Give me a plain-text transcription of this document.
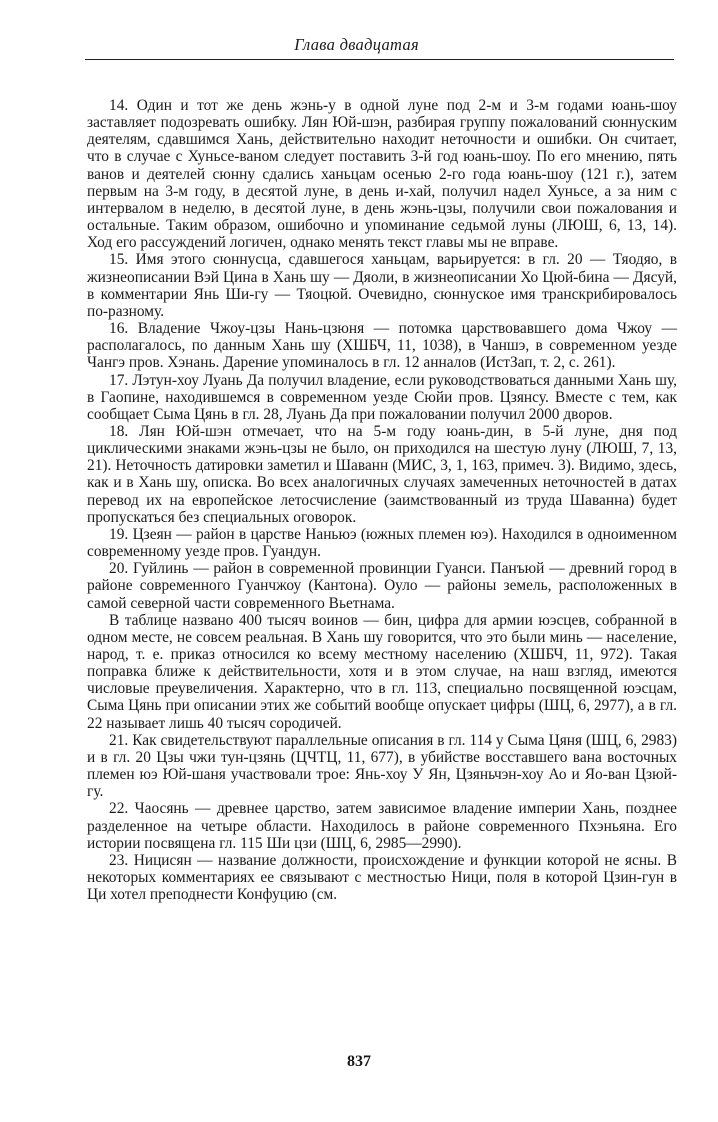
Глава двадцатая

14. Один и тот же день жэнь-у в одной луне под 2-м и 3-м годами юань-шоу заставляет подозревать ошибку. Лян Юй-шэн, разбирая группу пожалований сюннуским деятелям, сдавшимся Хань, действительно находит неточности и ошибки. Он считает, что в случае с Хуньсе-ваном следует поставить 3-й год юань-шоу. По его мнению, пять ванов и деятелей сюнну сдались ханьцам осенью 2-го года юань-шоу (121 г.), затем первым на 3-м году, в десятой луне, в день и-хай, получил надел Хуньсе, а за ним с интервалом в неделю, в десятой луне, в день жэнь-цзы, получили свои пожалования и остальные. Таким образом, ошибочно и упоминание седьмой луны (ЛЮШ, 6, 13, 14). Ход его рассуждений логичен, однако менять текст главы мы не вправе.

15. Имя этого сюннусца, сдавшегося ханьцам, варьируется: в гл. 20 — Тяодяо, в жизнеописании Вэй Цина в Хань шу — Дяоли, в жизнеописании Хо Цюй-бина — Дясуй, в комментарии Янь Ши-гу — Тяоцюй. Очевидно, сюннуское имя транскрибировалось по-разному.

16. Владение Чжоу-цзы Нань-цзюня — потомка царствовавшего дома Чжоу — располагалось, по данным Хань шу (ХШБЧ, 11, 1038), в Чаншэ, в современном уезде Чангэ пров. Хэнань. Дарение упоминалось в гл. 12 анналов (ИстЗап, т. 2, с. 261).

17. Лэтун-хоу Луань Да получил владение, если руководствоваться данными Хань шу, в Гаопине, находившемся в современном уезде Сюйи пров. Цзянсу. Вместе с тем, как сообщает Сыма Цянь в гл. 28, Луань Да при пожаловании получил 2000 дворов.

18. Лян Юй-шэн отмечает, что на 5-м году юань-дин, в 5-й луне, дня под циклическими знаками жэнь-цзы не было, он приходился на шестую луну (ЛЮШ, 7, 13, 21). Неточность датировки заметил и Шаванн (МИС, 3, 1, 163, примеч. 3). Видимо, здесь, как и в Хань шу, описка. Во всех аналогичных случаях замеченных неточностей в датах перевод их на европейское летосчисление (заимствованный из труда Шаванна) будет пропускаться без специальных оговорок.

19. Цзеян — район в царстве Наньюэ (южных племен юэ). Находился в одноименном современному уезде пров. Гуандун.

20. Гуйлинь — район в современной провинции Гуанси. Панъюй — древний город в районе современного Гуанчжоу (Кантона). Оуло — районы земель, расположенных в самой северной части современного Вьетнама.

В таблице названо 400 тысяч воинов — бин, цифра для армии юэсцев, собранной в одном месте, не совсем реальная. В Хань шу говорится, что это были минь — население, народ, т. е. приказ относился ко всему местному населению (ХШБЧ, 11, 972). Такая поправка ближе к действительности, хотя и в этом случае, на наш взгляд, имеются числовые преувеличения. Характерно, что в гл. 113, специально посвященной юэсцам, Сыма Цянь при описании этих же событий вообще опускает цифры (ШЦ, 6, 2977), а в гл. 22 называет лишь 40 тысяч сородичей.

21. Как свидетельствуют параллельные описания в гл. 114 у Сыма Цяня (ШЦ, 6, 2983) и в гл. 20 Цзы чжи тун-цзянь (ЦЧТЦ, 11, 677), в убийстве восставшего вана восточных племен юэ Юй-шаня участвовали трое: Янь-хоу У Ян, Цзяньчэн-хоу Ао и Яо-ван Цзюй-гу.

22. Чаосянь — древнее царство, затем зависимое владение империи Хань, позднее разделенное на четыре области. Находилось в районе современного Пхэньяна. Его истории посвящена гл. 115 Ши цзи (ШЦ, 6, 2985—2990).

23. Ницисян — название должности, происхождение и функции которой не ясны. В некоторых комментариях ее связывают с местностью Ници, поля в которой Цзин-гун в Ци хотел преподнести Конфуцию (см.

837
